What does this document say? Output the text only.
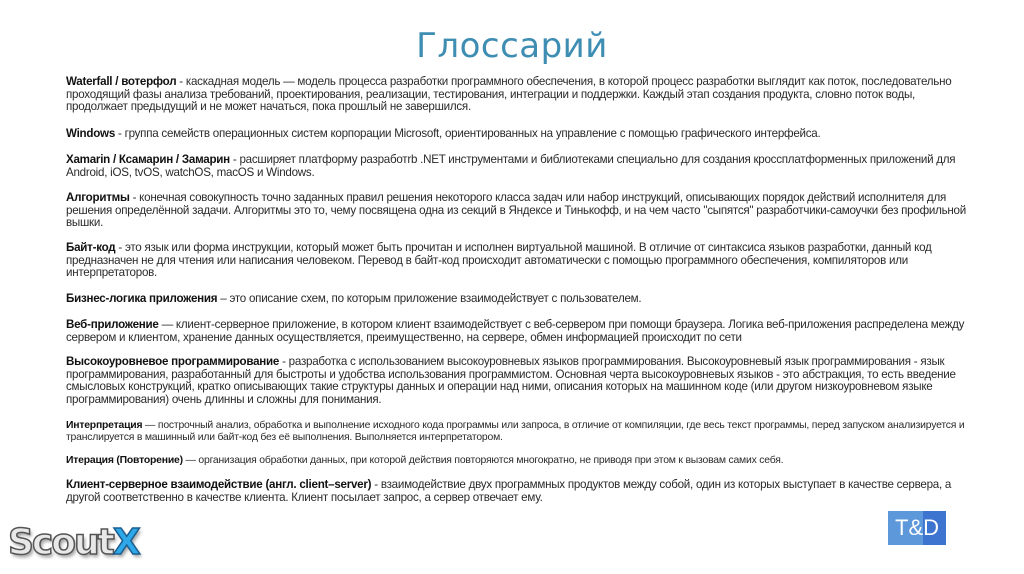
Глоссарий
Waterfall / вотерфол - каскадная модель — модель процесса разработки программного обеспечения, в которой процесс разработки выглядит как поток, последовательно проходящий фазы анализа требований, проектирования, реализации, тестирования, интеграции и поддержки. Каждый этап создания продукта, словно поток воды, продолжает предыдущий и не может начаться, пока прошлый не завершился.
Windows - группа семейств операционных систем корпорации Microsoft, ориентированных на управление с помощью графического интерфейса.
Xamarin / Ксамарин / Замарин - расширяет платформу разработrb .NET инструментами и библиотеками специально для создания кроссплатформенных приложений для Android, iOS, tvOS, watchOS, macOS и Windows.
Алгоритмы - конечная совокупность точно заданных правил решения некоторого класса задач или набор инструкций, описывающих порядок действий исполнителя для решения определённой задачи. Алгоритмы это то, чему посвящена одна из секций в Яндексе и Тинькофф, и на чем часто "сыпятся" разработчики-самоучки без профильной вышки.
Байт-код - это язык или форма инструкции, который может быть прочитан и исполнен виртуальной машиной. В отличие от синтаксиса языков разработки, данный код предназначен не для чтения или написания человеком. Перевод в байт-код происходит автоматически с помощью программного обеспечения, компиляторов или интерпретаторов.
Бизнес-логика приложения – это описание схем, по которым приложение взаимодействует с пользователем.
Веб-приложение — клиент-серверное приложение, в котором клиент взаимодействует с веб-сервером при помощи браузера. Логика веб-приложения распределена между сервером и клиентом, хранение данных осуществляется, преимущественно, на сервере, обмен информацией происходит по сети
Высокоуровневое программирование - разработка с использованием высокоуровневых языков программирования. Высокоуровневый язык программирования - язык программирования, разработанный для быстроты и удобства использования программистом. Основная черта высокоуровневых языков - это абстракция, то есть введение смысловых конструкций, кратко описывающих такие структуры данных и операции над ними, описания которых на машинном коде (или другом низкоуровневом языке программирования) очень длинны и сложны для понимания.
Интерпретация — построчный анализ, обработка и выполнение исходного кода программы или запроса, в отличие от компиляции, где весь текст программы, перед запуском анализируется и транслируется в машинный или байт-код без её выполнения. Выполняется интерпретатором.
Итерация (Повторение) — организация обработки данных, при которой действия повторяются многократно, не приводя при этом к вызовам самих себя.
Клиент-серверное взаимодействие (англ. client–server) - взаимодействие двух программных продуктов между собой, один из которых выступает в качестве сервера, а другой соответственно в качестве клиента. Клиент посылает запрос, а сервер отвечает ему.
ScoutX	T&D
